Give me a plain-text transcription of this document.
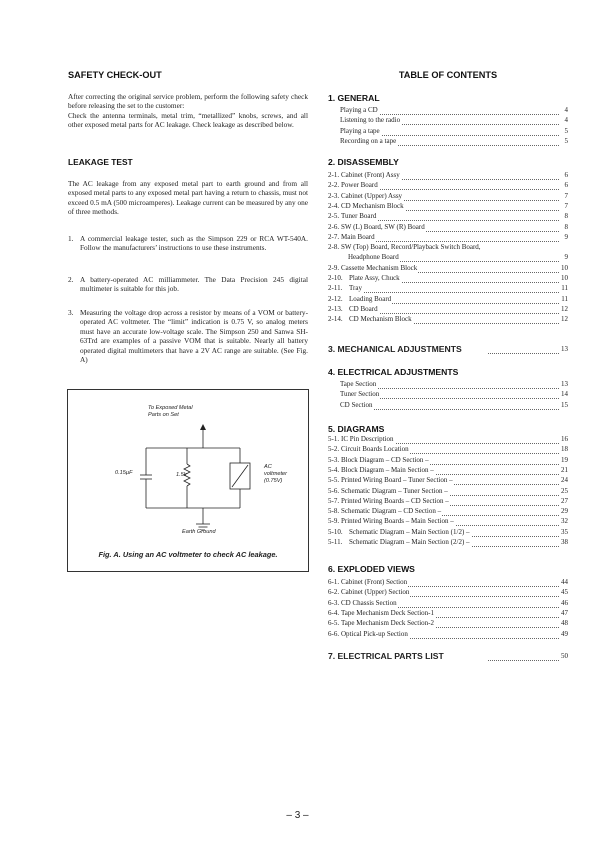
SAFETY CHECK-OUT

After correcting the original service problem, perform the following safety check before releasing the set to the customer:

Check the antenna terminals, metal trim, “metallized” knobs, screws, and all other exposed metal parts for AC leakage. Check leakage as described below.

LEAKAGE TEST
The AC leakage from any exposed metal part to earth ground and from all exposed metal parts to any exposed metal part having a return to chassis, must not exceed 0.5 mA (500 microamperes). Leakage current can be measured by any one of three methods.
1. A commercial leakage tester, such as the Simpson 229 or RCA WT-540A. Follow the manufacturers’ instructions to use these instruments.
2. A battery-operated AC milliammeter. The Data Precision 245 digital multimeter is suitable for this job.
3. Measuring the voltage drop across a resistor by means of a VOM or battery-operated AC voltmeter. The “limit” indication is 0.75 V, so analog meters must have an accurate low-voltage scale. The Simpson 250 and Sanwa SH-63Trd are examples of a passive VOM that is suitable. Nearly all battery operated digital multimeters that have a 2V AC range are suitable. (See Fig. A)
To Exposed Metal
Parts on Set
0.15µF	1.5k
AC
voltmeter
(0.75V)
Earth Ground
Fig. A. Using an AC voltmeter to check AC leakage.
TABLE OF CONTENTS
– 3 –
1. GENERAL
Playing a CD	4
Listening to the radio	4
Playing a tape	5
Recording on a tape	5
2. DISASSEMBLY
2-1. Cabinet (Front) Assy	6
2-2. Power Board	6
2-3. Cabinet (Upper) Assy	7
2-4. CD Mechanism Block	7
2-5. Tuner Board	8
2-6. SW (L) Board, SW (R) Board	8
2-7. Main Board	9
2-8. SW (Top) Board, Record/Playback Switch Board,
Headphone Board	9
2-9. Cassette Mechanism Block	10
2-10. Plate Assy, Chuck	10
2-11. Tray	11
2-12. Loading Board	11
2-13. CD Board	12
2-14. CD Mechanism Block	12
3. MECHANICAL ADJUSTMENTS	13
4. ELECTRICAL ADJUSTMENTS
Tape Section	13
Tuner Section	14
CD Section	15
5. DIAGRAMS
5-1. IC Pin Description	16
5-2. Circuit Boards Location	18
5-3. Block Diagram – CD Section –	19
5-4. Block Diagram – Main Section –	21
5-5. Printed Wiring Board – Tuner Section –	24
5-6. Schematic Diagram – Tuner Section –	25
5-7. Printed Wiring Boards – CD Section –	27
5-8. Schematic Diagram – CD Section –	29
5-9. Printed Wiring Boards – Main Section –	32
5-10. Schematic Diagram – Main Section (1/2) –	35
5-11. Schematic Diagram – Main Section (2/2) –	38
6. EXPLODED VIEWS
6-1. Cabinet (Front) Section	44
6-2. Cabinet (Upper) Section	45
6-3. CD Chassis Section	46
6-4. Tape Mechanism Deck Section-1	47
6-5. Tape Mechanism Deck Section-2	48
6-6. Optical Pick-up Section	49
7. ELECTRICAL PARTS LIST	50
